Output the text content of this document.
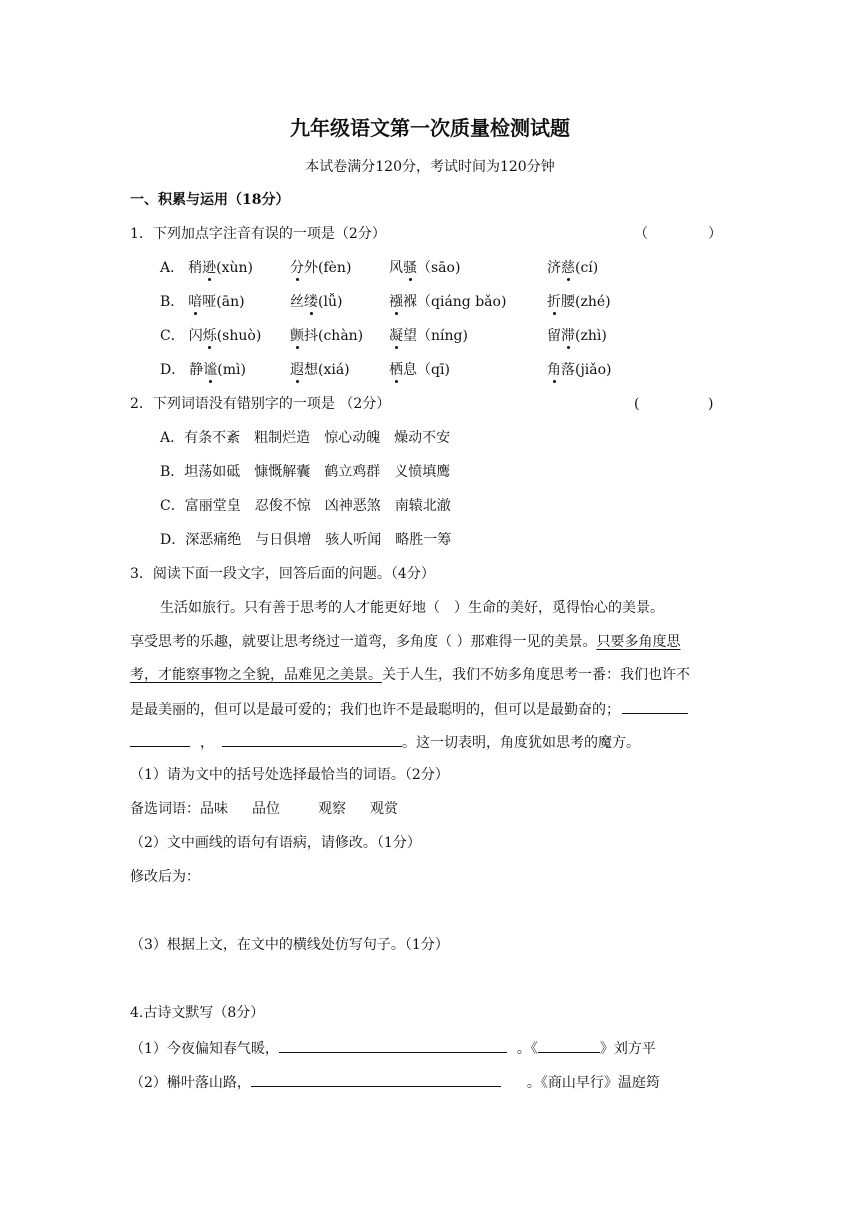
九年级语文第一次质量检测试题
本试卷满分120分，考试时间为120分钟
一、积累与运用（18分）
1．下列加点字注音有误的一项是（2分）	（	）
A． 稍逊(xùn)	分外(fèn)	风骚（sāo)	济慈(cí)
B． 喑哑(ān)	丝缕(lǚ)	襁褓（qiáng bǎo)	折腰(zhé)
C． 闪烁(shuò) 颤抖(chàn) 凝望（níng)	留滞(zhì)
D． 静谧(mì)	遐想(xiá)	栖息（qī)	角落(jiǎo)
2．下列词语没有错别字的一项是 （2分）	(	)
A．有条不紊　粗制烂造　惊心动魄　燥动不安
B．坦荡如砥　慷慨解囊　鹤立鸡群　义愤填鹰
C．富丽堂皇　忍俊不惊　凶神恶煞　南辕北澈
D．深恶痛绝　与日俱增　骇人听闻　略胜一筹
3．阅读下面一段文字，回答后面的问题。（4分）
生活如旅行。只有善于思考的人才能更好地（　）生命的美好，觅得怡心的美景。
享受思考的乐趣，就要让思考绕过一道弯，多角度（ ）那难得一见的美景。只要多角度思
考，才能察事物之全貌，品难见之美景。关于人生，我们不妨多角度思考一番：我们也许不
是最美丽的，但可以是最可爱的；我们也许不是最聪明的，但可以是最勤奋的；
，	。这一切表明，角度犹如思考的魔方。
（1）请为文中的括号处选择最恰当的词语。（2分）
备选词语：品味 品位	观察 观赏
（2）文中画线的语句有语病，请修改。（1分）
修改后为：
（3）根据上文，在文中的横线处仿写句子。（1分）
4.古诗文默写（8分）
（1）今夜偏知春气暖，	。《	》刘方平
（2）槲叶落山路，	。《商山早行》温庭筠
